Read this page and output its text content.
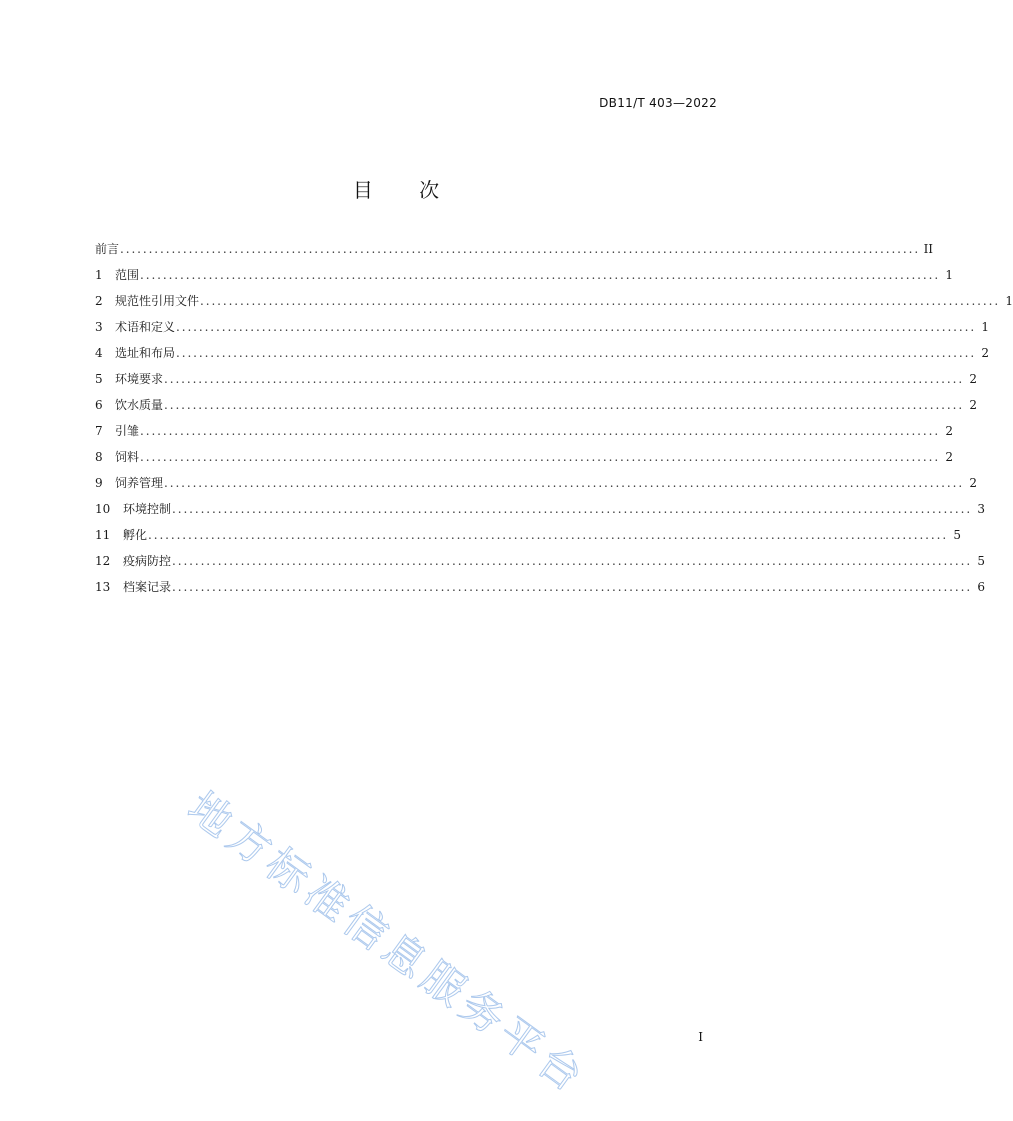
DB11/T 403—2022
目 次
前言 ............................................................................................................................................ II
1	范围 ............................................................................................................................................ 1
2	规范性引用文件 ............................................................................................................................................ 1
3	术语和定义 ............................................................................................................................................ 1
4	选址和布局 ............................................................................................................................................ 2
5	环境要求 ............................................................................................................................................ 2
6	饮水质量 ............................................................................................................................................ 2
7	引雏 ............................................................................................................................................ 2
8	饲料 ............................................................................................................................................ 2
9	饲养管理 ............................................................................................................................................ 2
10	环境控制 ............................................................................................................................................ 3
11	孵化 ............................................................................................................................................ 5
12	疫病防控 ............................................................................................................................................ 5
13	档案记录 ............................................................................................................................................ 6
地方标准信息服务平台	I
